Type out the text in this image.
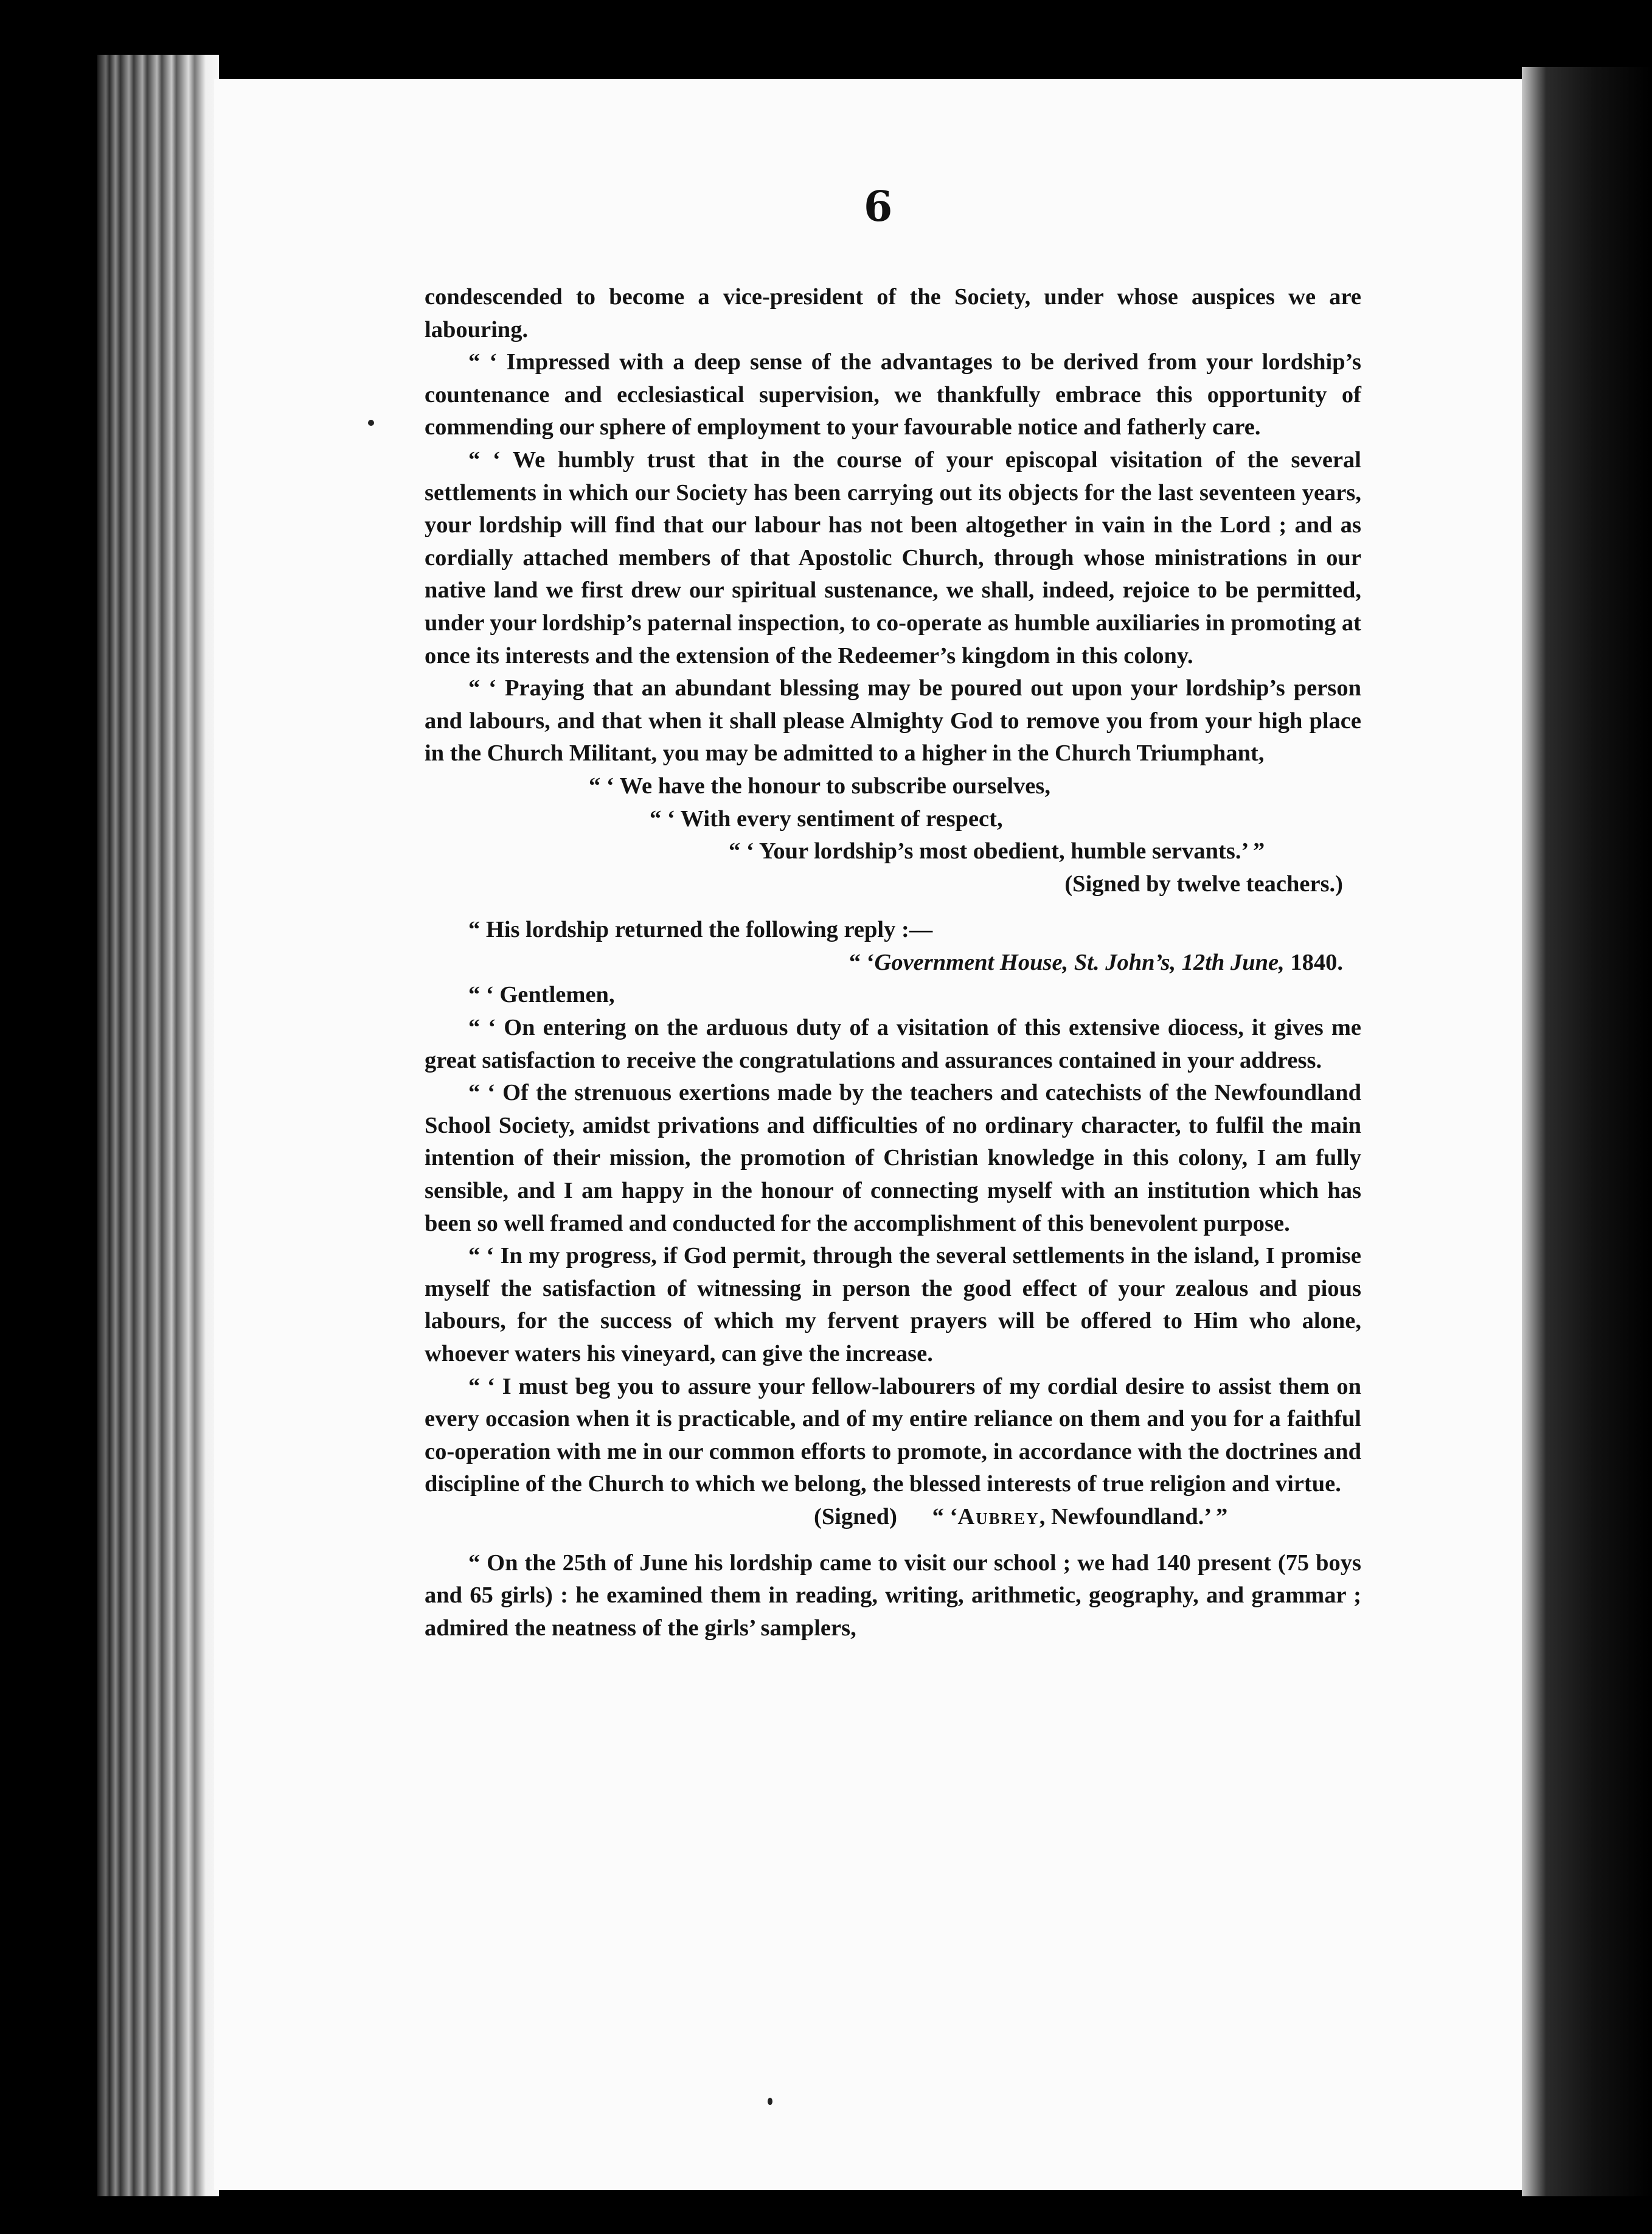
6

condescended to become a vice-president of the Society, under whose auspices we are labouring.

“ ‘ Impressed with a deep sense of the advantages to be derived from your lordship’s countenance and ecclesiastical supervision, we thankfully embrace this opportunity of commending our sphere of employment to your favourable notice and fatherly care.

“ ‘ We humbly trust that in the course of your episcopal visitation of the several settlements in which our Society has been carrying out its objects for the last seventeen years, your lordship will find that our labour has not been altogether in vain in the Lord ; and as cordially attached members of that Apostolic Church, through whose ministrations in our native land we first drew our spiritual sustenance, we shall, indeed, rejoice to be permitted, under your lordship’s paternal inspection, to co-operate as humble auxiliaries in promoting at once its interests and the extension of the Redeemer’s kingdom in this colony.

“ ‘ Praying that an abundant blessing may be poured out upon your lordship’s person and labours, and that when it shall please Almighty God to remove you from your high place in the Church Militant, you may be admitted to a higher in the Church Triumphant,

“ ‘ We have the honour to subscribe ourselves,

“ ‘ With every sentiment of respect,

“ ‘ Your lordship’s most obedient, humble servants.’ ”

(Signed by twelve teachers.)

“ His lordship returned the following reply :—

“ ‘Government House, St. John’s, 12th June, 1840.

“ ‘ Gentlemen,

“ ‘ On entering on the arduous duty of a visitation of this extensive diocess, it gives me great satisfaction to receive the congratulations and assurances contained in your address.

“ ‘ Of the strenuous exertions made by the teachers and catechists of the Newfoundland School Society, amidst privations and difficulties of no ordinary character, to fulfil the main intention of their mission, the promotion of Christian knowledge in this colony, I am fully sensible, and I am happy in the honour of connecting myself with an institution which has been so well framed and conducted for the accomplishment of this benevolent purpose.

“ ‘ In my progress, if God permit, through the several settlements in the island, I promise myself the satisfaction of witnessing in person the good effect of your zealous and pious labours, for the success of which my fervent prayers will be offered to Him who alone, whoever waters his vineyard, can give the increase.

“ ‘ I must beg you to assure your fellow-labourers of my cordial desire to assist them on every occasion when it is practicable, and of my entire reliance on them and you for a faithful co-operation with me in our common efforts to promote, in accordance with the doctrines and discipline of the Church to which we belong, the blessed interests of true religion and virtue.

(Signed) “ ‘Aubrey, Newfoundland.’ ”

“ On the 25th of June his lordship came to visit our school ; we had 140 present (75 boys and 65 girls) : he examined them in reading, writing, arithmetic, geography, and grammar ; admired the neatness of the girls’ samplers,
